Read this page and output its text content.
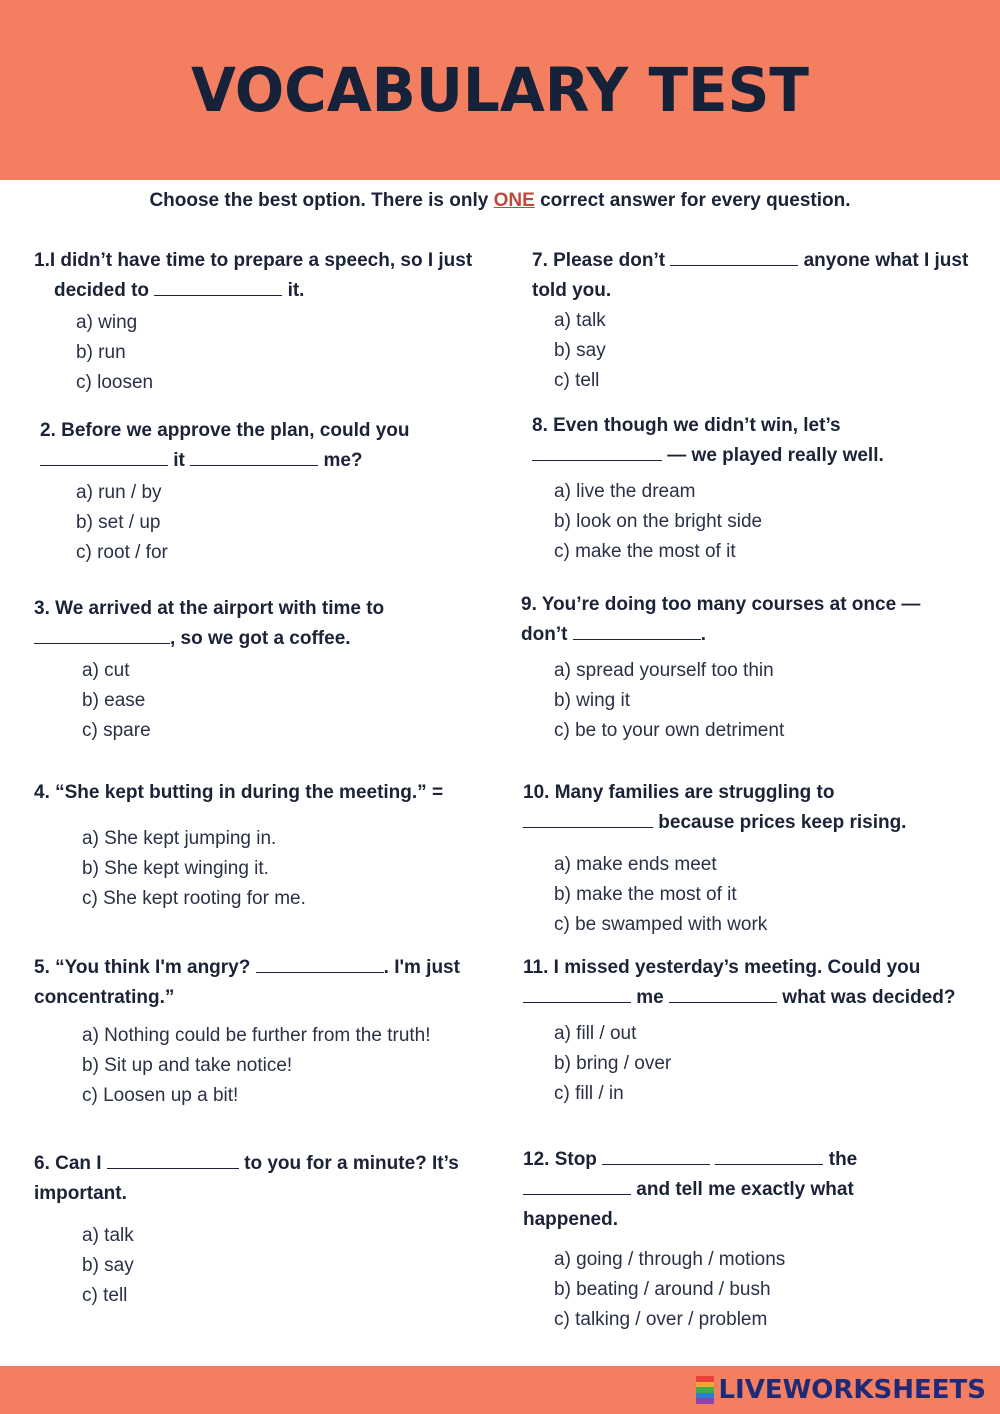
VOCABULARY TEST
Choose the best option. There is only ONE correct answer for every question.
1.I didn’t have time to prepare a speech, so I just decided to	it.
a) wing
b) run
c) loosen
2. Before we approve the plan, could you  it	me?
a) run / by
b) set / up
c) root / for
3. We arrived at the airport with time to , so we got a coffee.
a) cut
b) ease
c) spare
4. “She kept butting in during the meeting.” =
a) She kept jumping in.
b) She kept winging it.
c) She kept rooting for me.
5. “You think I'm angry?	. I'm just concentrating.”
a) Nothing could be further from the truth!
b) Sit up and take notice!
c) Loosen up a bit!
6. Can I	to you for a minute? It’s important.
a) talk
b) say
c) tell
7. Please don’t	anyone what I just told you.
a) talk
b) say
c) tell
8. Even though we didn’t win, let’s  — we played really well.
a) live the dream
b) look on the bright side
c) make the most of it
9. You’re doing too many courses at once — don’t	.
a) spread yourself too thin
b) wing it
c) be to your own detriment
10. Many families are struggling to  because prices keep rising.
a) make ends meet
b) make the most of it
c) be swamped with work
11. I missed yesterday’s meeting. Could you  me	what was decided?
a) fill / out
b) bring / over
c) fill / in
12. Stop	the  and tell me exactly what happened.
a) going / through / motions
b) beating / around / bush
c) talking / over / problem
LIVEWORKSHEETS
